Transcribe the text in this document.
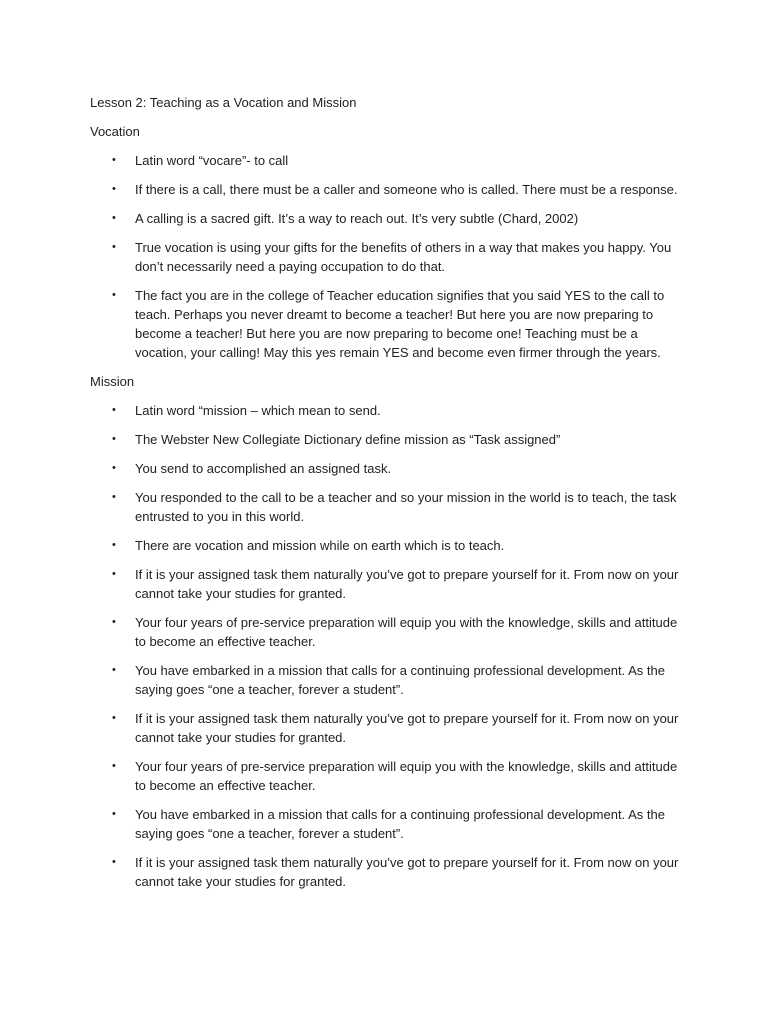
Lesson 2: Teaching as a Vocation and Mission

Vocation

• Latin word “vocare”- to call
• If there is a call, there must be a caller and someone who is called. There must be a response.
• A calling is a sacred gift. It’s a way to reach out. It’s very subtle (Chard, 2002)
• True vocation is using your gifts for the benefits of others in a way that makes you happy. You don’t necessarily need a paying occupation to do that.
• The fact you are in the college of Teacher education signifies that you said YES to the call to teach. Perhaps you never dreamt to become a teacher! But here you are now preparing to become a teacher! But here you are now preparing to become one! Teaching must be a vocation, your calling! May this yes remain YES and become even firmer through the years.

Mission

• Latin word “mission – which mean to send.
• The Webster New Collegiate Dictionary define mission as “Task assigned”
• You send to accomplished an assigned task.
• You responded to the call to be a teacher and so your mission in the world is to teach, the task entrusted to you in this world.
• There are vocation and mission while on earth which is to teach.
• If it is your assigned task them naturally you’ve got to prepare yourself for it. From now on your cannot take your studies for granted.
• Your four years of pre-service preparation will equip you with the knowledge, skills and attitude to become an effective teacher.
• You have embarked in a mission that calls for a continuing professional development. As the saying goes “one a teacher, forever a student”.
• If it is your assigned task them naturally you’ve got to prepare yourself for it. From now on your cannot take your studies for granted.
• Your four years of pre-service preparation will equip you with the knowledge, skills and attitude to become an effective teacher.
• You have embarked in a mission that calls for a continuing professional development. As the saying goes “one a teacher, forever a student”.
• If it is your assigned task them naturally you’ve got to prepare yourself for it. From now on your cannot take your studies for granted.
